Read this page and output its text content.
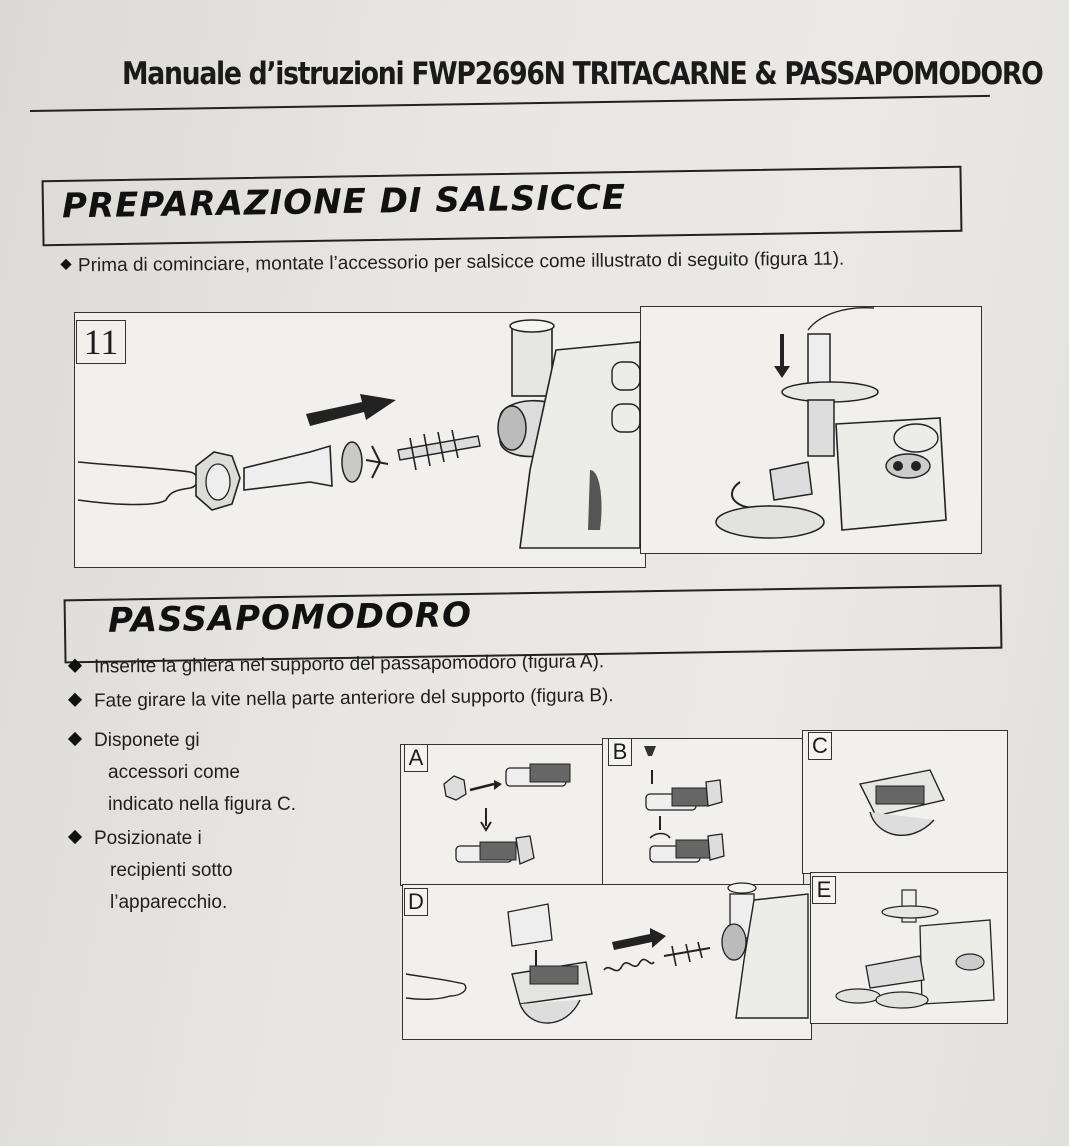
Manuale d’istruzioni FWP2696N TRITACARNE & PASSAPOMODORO
PREPARAZIONE DI SALSICCE
Prima di cominciare, montate l’accessorio per salsicce come illustrato di seguito (figura 11).
11
PASSAPOMODORO
Inserite la ghiera nel supporto del passapomodoro (figura A).
Fate girare la vite nella parte anteriore del supporto (figura B).
Disponete gi
accessori come
indicato nella figura C.
Posizionate i
recipienti sotto
l’apparecchio.
A	B	C
D	E
